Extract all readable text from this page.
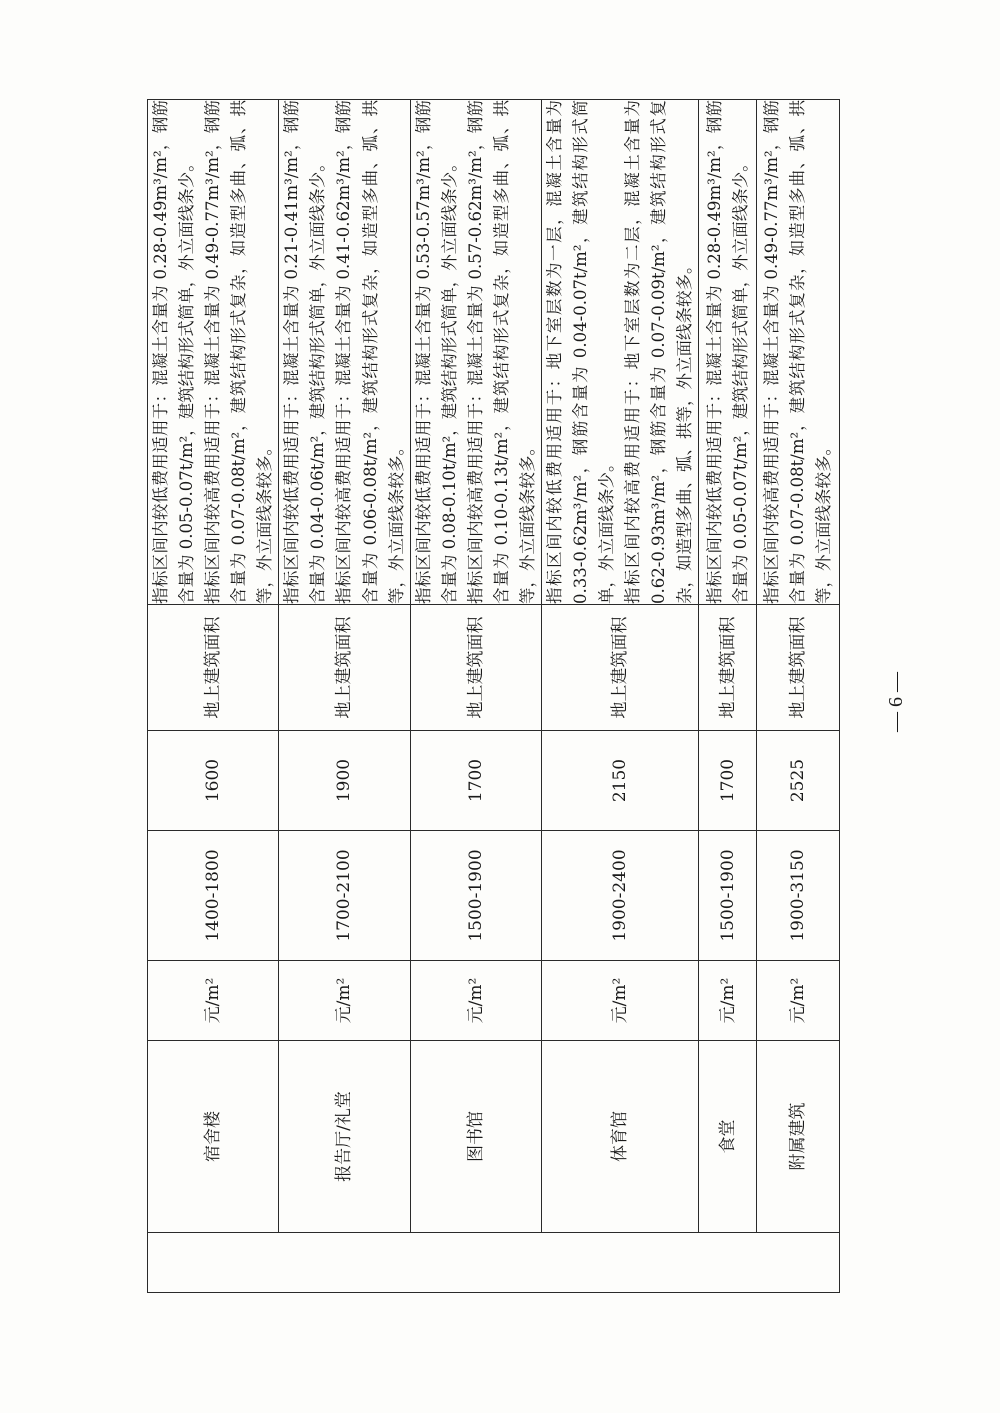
	宿舍楼	元/m²	1400-1800	1600	地上建筑面积	指标区间内较低费用适用于：混凝土含量为 0.28-0.49m³/m²，钢筋含量为 0.05-0.07t/m²，建筑结构形式简单，外立面线条少。 指标区间内较高费用适用于：混凝土含量为 0.49-0.77m³/m²，钢筋含量为 0.07-0.08t/m²，建筑结构形式复杂，如造型多曲、弧、拱等，外立面线条较多。

	报告厅/礼堂	元/m²	1700-2100	1900	地上建筑面积	指标区间内较低费用适用于：混凝土含量为 0.21-0.41m³/m²，钢筋含量为 0.04-0.06t/m²，建筑结构形式简单，外立面线条少。 指标区间内较高费用适用于：混凝土含量为 0.41-0.62m³/m²，钢筋含量为 0.06-0.08t/m²，建筑结构形式复杂，如造型多曲、弧、拱等，外立面线条较多。

	图书馆	元/m²	1500-1900	1700	地上建筑面积	指标区间内较低费用适用于：混凝土含量为 0.53-0.57m³/m²，钢筋含量为 0.08-0.10t/m²，建筑结构形式简单，外立面线条少。 指标区间内较高费用适用于：混凝土含量为 0.57-0.62m³/m²，钢筋含量为 0.10-0.13t/m²，建筑结构形式复杂，如造型多曲、弧、拱等，外立面线条较多。

	体育馆	元/m²	1900-2400	2150	地上建筑面积	指标区间内较低费用适用于：地下室层数为一层，混凝土含量为 0.33-0.62m³/m²，钢筋含量为 0.04-0.07t/m²，建筑结构形式简单，外立面线条少。 指标区间内较高费用适用于：地下室层数为二层，混凝土含量为 0.62-0.93m³/m²，钢筋含量为 0.07-0.09t/m²，建筑结构形式复杂，如造型多曲、弧、拱等，外立面线条较多。

	食堂	元/m²	1500-1900	1700	地上建筑面积	指标区间内较低费用适用于：混凝土含量为 0.28-0.49m³/m²，钢筋含量为 0.05-0.07t/m²，建筑结构形式简单，外立面线条少。

	附属建筑	元/m²	1900-3150	2525	地上建筑面积	指标区间内较高费用适用于：混凝土含量为 0.49-0.77m³/m²，钢筋含量为 0.07-0.08t/m²，建筑结构形式复杂，如造型多曲、弧、拱等，外立面线条较多。

— 6 —
